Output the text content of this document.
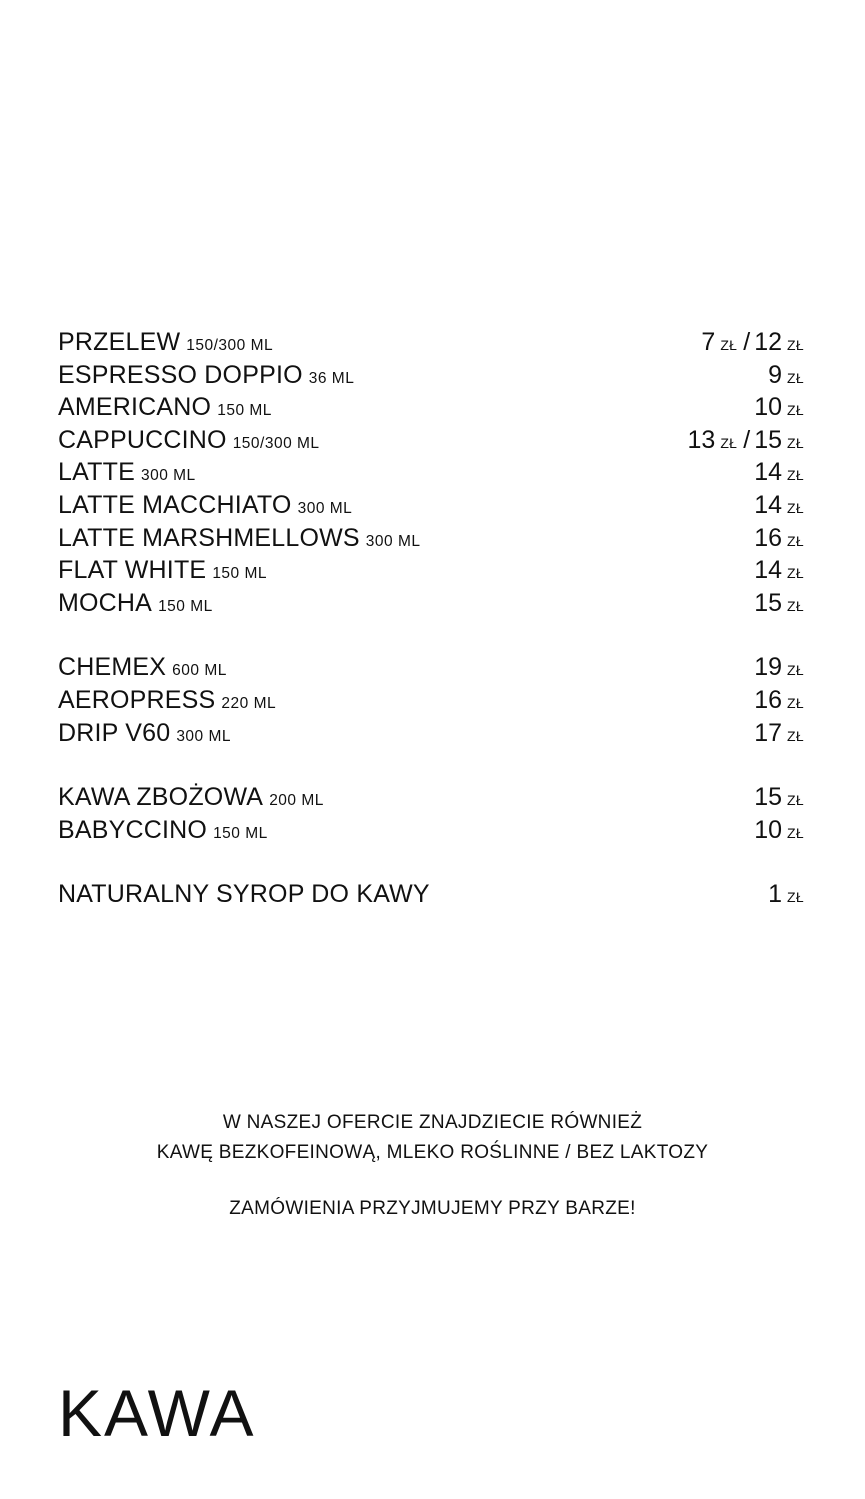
PRZELEW 150/300 ML	7 ZŁ / 12 ZŁ
ESPRESSO DOPPIO 36 ML	9 ZŁ
AMERICANO 150 ML	10 ZŁ
CAPPUCCINO 150/300 ML	13 ZŁ / 15 ZŁ
LATTE 300 ML	14 ZŁ
LATTE MACCHIATO 300 ML	14 ZŁ
LATTE MARSHMELLOWS 300 ML	16 ZŁ
FLAT WHITE 150 ML	14 ZŁ
MOCHA 150 ML	15 ZŁ
CHEMEX 600 ML	19 ZŁ
AEROPRESS 220 ML	16 ZŁ
DRIP V60 300 ML	17 ZŁ
KAWA ZBOŻOWA 200 ML	15 ZŁ
BABYCCINO 150 ML	10 ZŁ
NATURALNY SYROP DO KAWY	1 ZŁ

W NASZEJ OFERCIE ZNAJDZIECIE RÓWNIEŻ

KAWĘ BEZKOFEINOWĄ, MLEKO ROŚLINNE / BEZ LAKTOZY

ZAMÓWIENIA PRZYJMUJEMY PRZY BARZE!

KAWA
